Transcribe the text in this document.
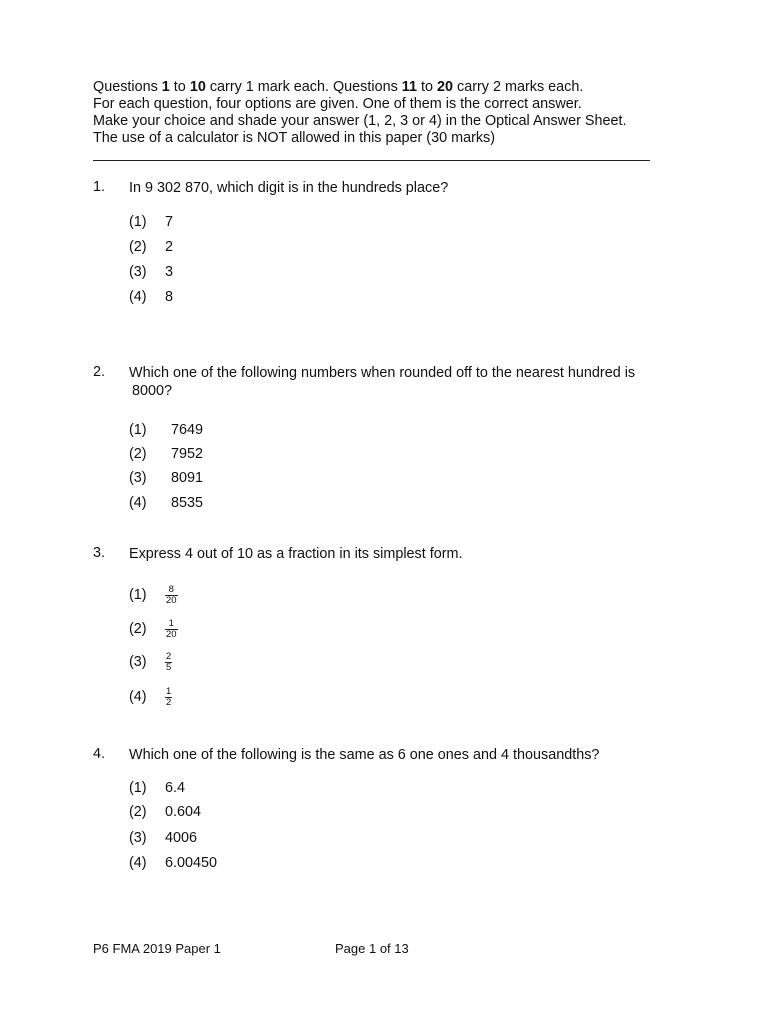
Questions 1 to 10 carry 1 mark each. Questions 11 to 20 carry 2 marks each.
For each question, four options are given. One of them is the correct answer.
Make your choice and shade your answer (1, 2, 3 or 4) in the Optical Answer Sheet.
The use of a calculator is NOT allowed in this paper (30 marks)
1. In 9 302 870, which digit is in the hundreds place?
(1) 7
(2) 2
(3) 3
(4) 8
2. Which one of the following numbers when rounded off to the nearest hundred is
8000?
(1) 7649
(2) 7952
(3) 8091
(4) 8535
3. Express 4 out of 10 as a fraction in its simplest form.
$(1) \frac{8}{20}$
$(2) \frac{1}{20}$
$(3) \frac{2}{5}$
$(4) \frac{1}{2}$
4. Which one of the following is the same as 6 one ones and 4 thousandths?
(1) 6.4
(2) 0.604
(3) 4006
(4) 6.00450
P6 FMA 2019 Paper 1	Page 1 of 13
